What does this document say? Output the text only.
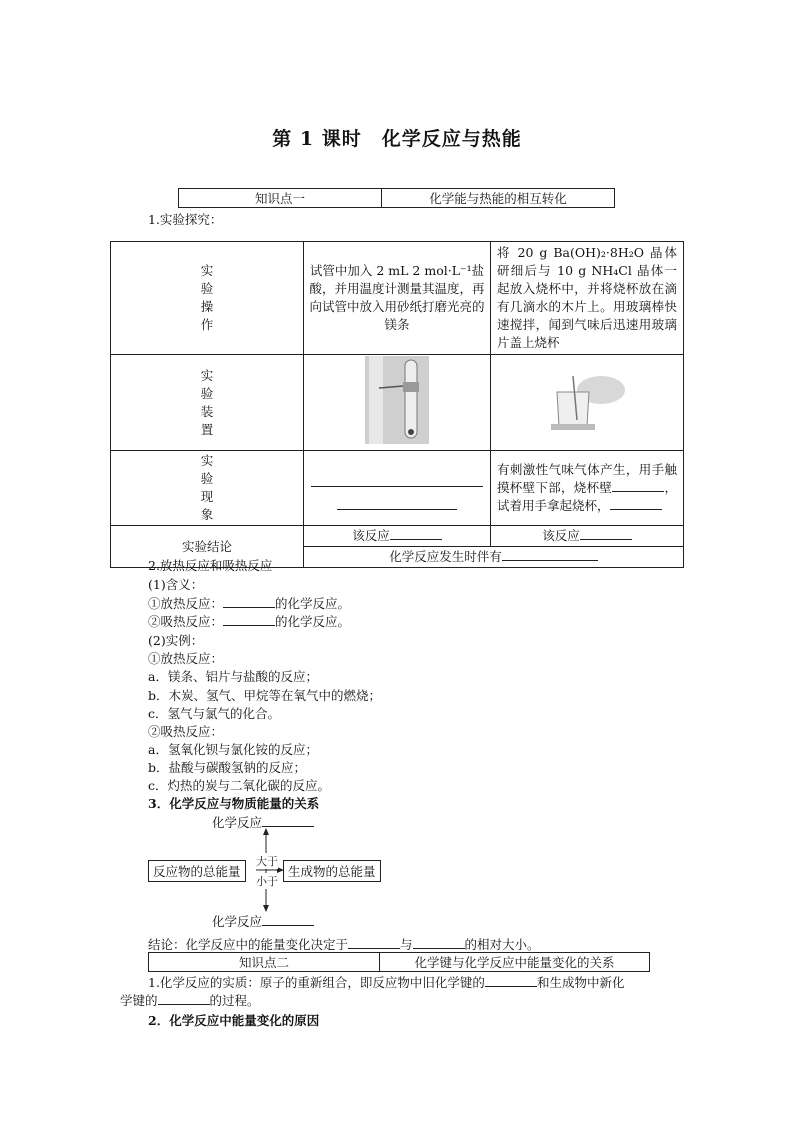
第 1 课时　化学反应与热能
知识点一	化学能与热能的相互转化
1.实验探究：
实
验
操
作	试管中加入 2 mL 2 mol·L⁻¹盐酸，并用温度计测量其温度，再向试管中放入用砂纸打磨光亮的镁条	将 20 g Ba(OH)₂·8H₂O 晶体研细后与 10 g NH₄Cl 晶体一起放入烧杯中，并将烧杯放在滴有几滴水的木片上。用玻璃棒快速搅拌，闻到气味后迅速用玻璃片盖上烧杯

实
验
装
置

实
验
现
象		有刺激性气味气体产生，用手触摸杯壁下部，烧杯壁 ，试着用手拿起烧杯，
实验结论	该反应	该反应
	化学反应发生时伴有	
2.放热反应和吸热反应
(1)含义：
①放热反应：	的化学反应。
②吸热反应：	的化学反应。
(2)实例：
①放热反应：
a．镁条、铝片与盐酸的反应；
b．木炭、氢气、甲烷等在氧气中的燃烧；
c．氢气与氯气的化合。
②吸热反应：
a．氢氧化钡与氯化铵的反应；
b．盐酸与碳酸氢钠的反应；
c．灼热的炭与二氧化碳的反应。
3．化学反应与物质能量的关系
化学反应
反应物的总能量	生成物的总能量
大于
小于
化学反应
结论：化学反应中的能量变化决定于	与	的相对大小。
知识点二	化学键与化学反应中能量变化的关系
1.化学反应的实质：原子的重新组合，即反应物中旧化学键的	和生成物中新化
学键的	的过程。
2．化学反应中能量变化的原因
